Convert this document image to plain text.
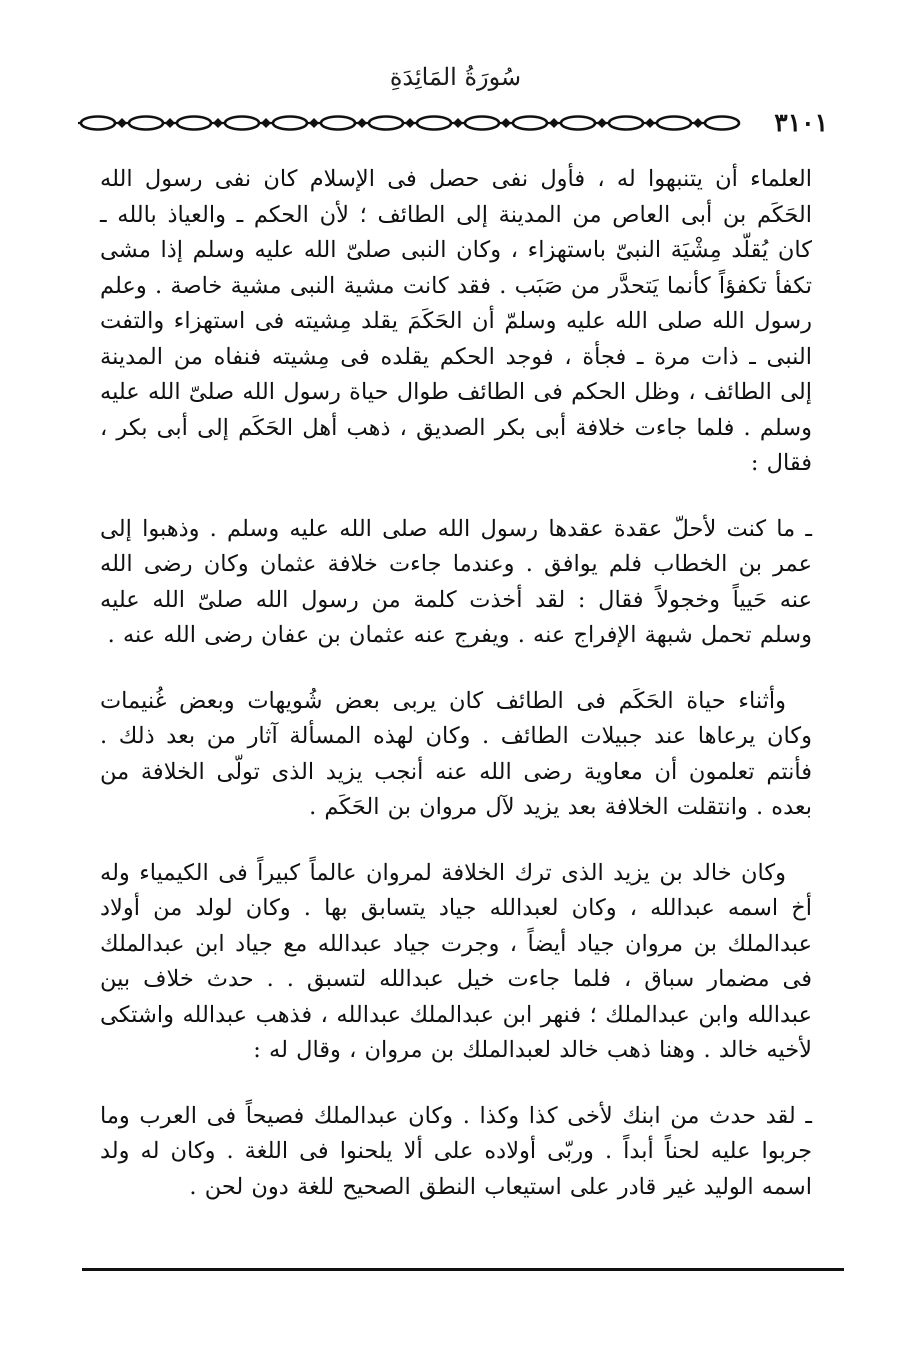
سُورَةُ المَائِدَةِ
٣١٠١

العلماء أن يتنبهوا له ، فأول نفى حصل فى الإسلام كان نفى رسول الله الحَكَم بن أبى العاص من المدينة إلى الطائف ؛ لأن الحكم ـ والعياذ بالله ـ كان يُقلّد مِشْيَة النبىّ باستهزاء ، وكان النبى صلىّ الله عليه وسلم إذا مشى تكفأ تكفؤاً كأنما يَتحدَّر من صَبَب . فقد كانت مشية النبى مشية خاصة . وعلم رسول الله صلى الله عليه وسلمّ أن الحَكَمَ يقلد مِشيته فى استهزاء والتفت النبى ـ ذات مرة ـ فجأة ، فوجد الحكم يقلده فى مِشيته فنفاه من المدينة إلى الطائف ، وظل الحكم فى الطائف طوال حياة رسول الله صلىّ الله عليه وسلم . فلما جاءت خلافة أبى بكر الصديق ، ذهب أهل الحَكَم إلى أبى بكر ، فقال :

ـ ما كنت لأحلّ عقدة عقدها رسول الله صلى الله عليه وسلم . وذهبوا إلى عمر بن الخطاب فلم يوافق . وعندما جاءت خلافة عثمان وكان رضى الله عنه حَيياً وخجولاً فقال : لقد أخذت كلمة من رسول الله صلىّ الله عليه وسلم تحمل شبهة الإفراج عنه . ويفرج عنه عثمان بن عفان رضى الله عنه .

وأثناء حياة الحَكَم فى الطائف كان يربى بعض شُويهات وبعض غُنيمات وكان يرعاها عند جبيلات الطائف . وكان لهذه المسألة آثار من بعد ذلك . فأنتم تعلمون أن معاوية رضى الله عنه أنجب يزيد الذى تولّى الخلافة من بعده . وانتقلت الخلافة بعد يزيد لآل مروان بن الحَكَم .

وكان خالد بن يزيد الذى ترك الخلافة لمروان عالماً كبيراً فى الكيمياء وله أخ اسمه عبدالله ، وكان لعبدالله جياد يتسابق بها . وكان لولد من أولاد عبدالملك بن مروان جياد أيضاً ، وجرت جياد عبدالله مع جياد ابن عبدالملك فى مضمار سباق ، فلما جاءت خيل عبدالله لتسبق . . حدث خلاف بين عبدالله وابن عبدالملك ؛ فنهر ابن عبدالملك عبدالله ، فذهب عبدالله واشتكى لأخيه خالد . وهنا ذهب خالد لعبدالملك بن مروان ، وقال له :

ـ لقد حدث من ابنك لأخى كذا وكذا . وكان عبدالملك فصيحاً فى العرب وما جربوا عليه لحناً أبداً . وربّى أولاده على ألا يلحنوا فى اللغة . وكان له ولد اسمه الوليد غير قادر على استيعاب النطق الصحيح للغة دون لحن .
